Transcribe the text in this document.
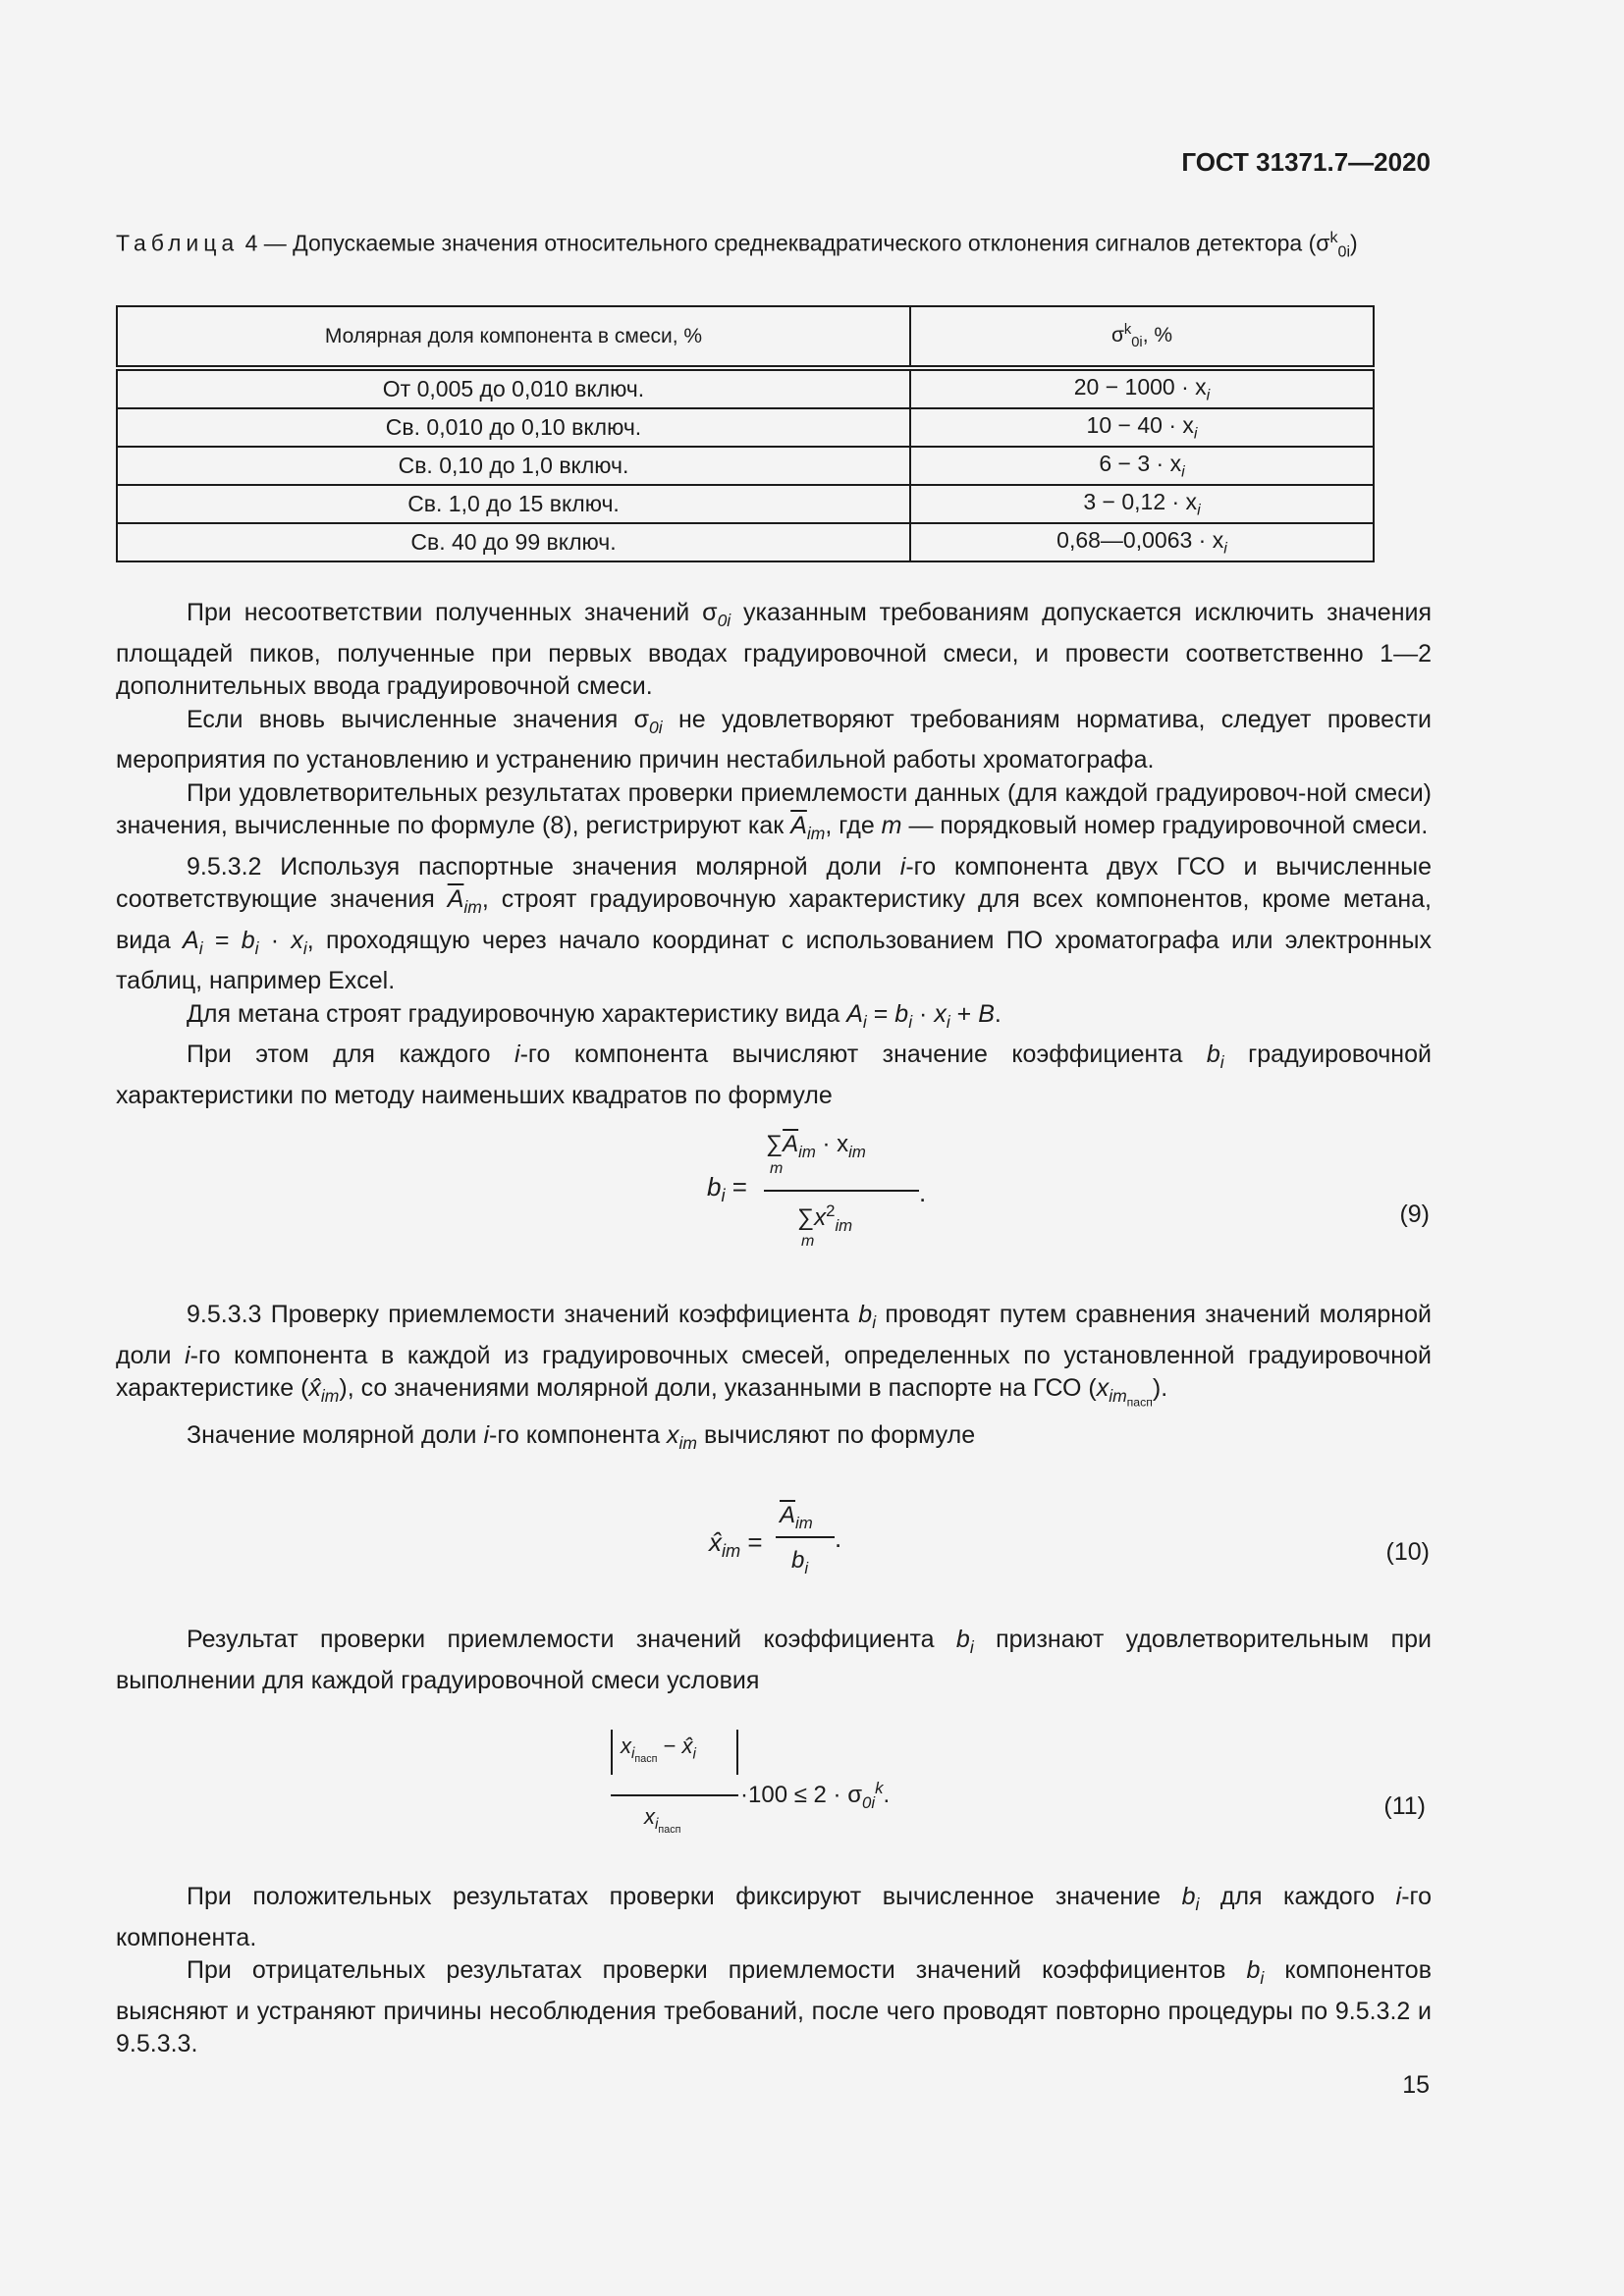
ГОСТ 31371.7—2020
Таблица 4 — Допускаемые значения относительного среднеквадратического отклонения сигналов детектора $(\sigma^k_{0i})$
Молярная доля компонента в смеси, %	$\sigma^k_{0i}$, %
От 0,005 до 0,010 включ.	$20 - 1000 \cdot x_i$
Св. 0,010 до 0,10 включ.	$10 - 40 \cdot x_i$
Св. 0,10 до 1,0 включ.	$6 - 3 \cdot x_i$
Св. 1,0 до 15 включ.	$3 - 0,12 \cdot x_i$
Св. 40 до 99 включ.	0,68—0,0063 · $x_i$

При несоответствии полученных значений $\sigma_{0i}$ указанным требованиям допускается исключить значения площадей пиков, полученные при первых вводах градуировочной смеси, и провести соответственно 1—2 дополнительных ввода градуировочной смеси.

Если вновь вычисленные значения $\sigma_{0i}$ не удовлетворяют требованиям норматива, следует провести мероприятия по установлению и устранению причин нестабильной работы хроматографа.

При удовлетворительных результатах проверки приемлемости данных (для каждой градуировоч-ной смеси) значения, вычисленные по формуле (8), регистрируют как $\overline{A}_{im}$, где m — порядковый номер градуировочной смеси.

9.5.3.2 Используя паспортные значения молярной доли i-го компонента двух ГСО и вычисленные соответствующие значения $\overline{A}_{im}$, строят градуировочную характеристику для всех компонентов, кроме метана, вида $A_i = b_i \cdot x_i$, проходящую через начало координат с использованием ПО хроматографа или электронных таблиц, например Excel.

Для метана строят градуировочную характеристику вида $A_i = b_i \cdot x_i + B$.

При этом для каждого i-го компонента вычисляют значение коэффициента $b_i$ градуировочной характеристики по методу наименьших квадратов по формуле

$b_i$ =
$\sum\overline{A}_{im} \cdot x_{im}$
m
.
$\sum x^2_{im}$
m
(9)

9.5.3.3 Проверку приемлемости значений коэффициента $b_i$ проводят путем сравнения значений молярной доли i-го компонента в каждой из градуировочных смесей, определенных по установленной градуировочной характеристике $(x̂_{im})$, со значениями молярной доли, указанными в паспорте на ГСО $(x_{im_{пасп}})$.

Значение молярной доли i-го компонента $x_{im}$ вычисляют по формуле

$x̂_{im}$ =
$\overline{A}_{im}$
.
$b_i$
(10)

Результат проверки приемлемости значений коэффициента $b_i$ признают удовлетворительным при выполнении для каждой градуировочной смеси условия

$x_{i_{пасп}}$ − $x̂_i$
$\cdot 100 \le 2 \cdot \sigma_{0i}^k$.
$x_{i_{пасп}}$
(11)

При положительных результатах проверки фиксируют вычисленное значение $b_i$ для каждого i-го компонента.

При отрицательных результатах проверки приемлемости значений коэффициентов $b_i$ компонентов выясняют и устраняют причины несоблюдения требований, после чего проводят повторно процедуры по 9.5.3.2 и 9.5.3.3.

15
